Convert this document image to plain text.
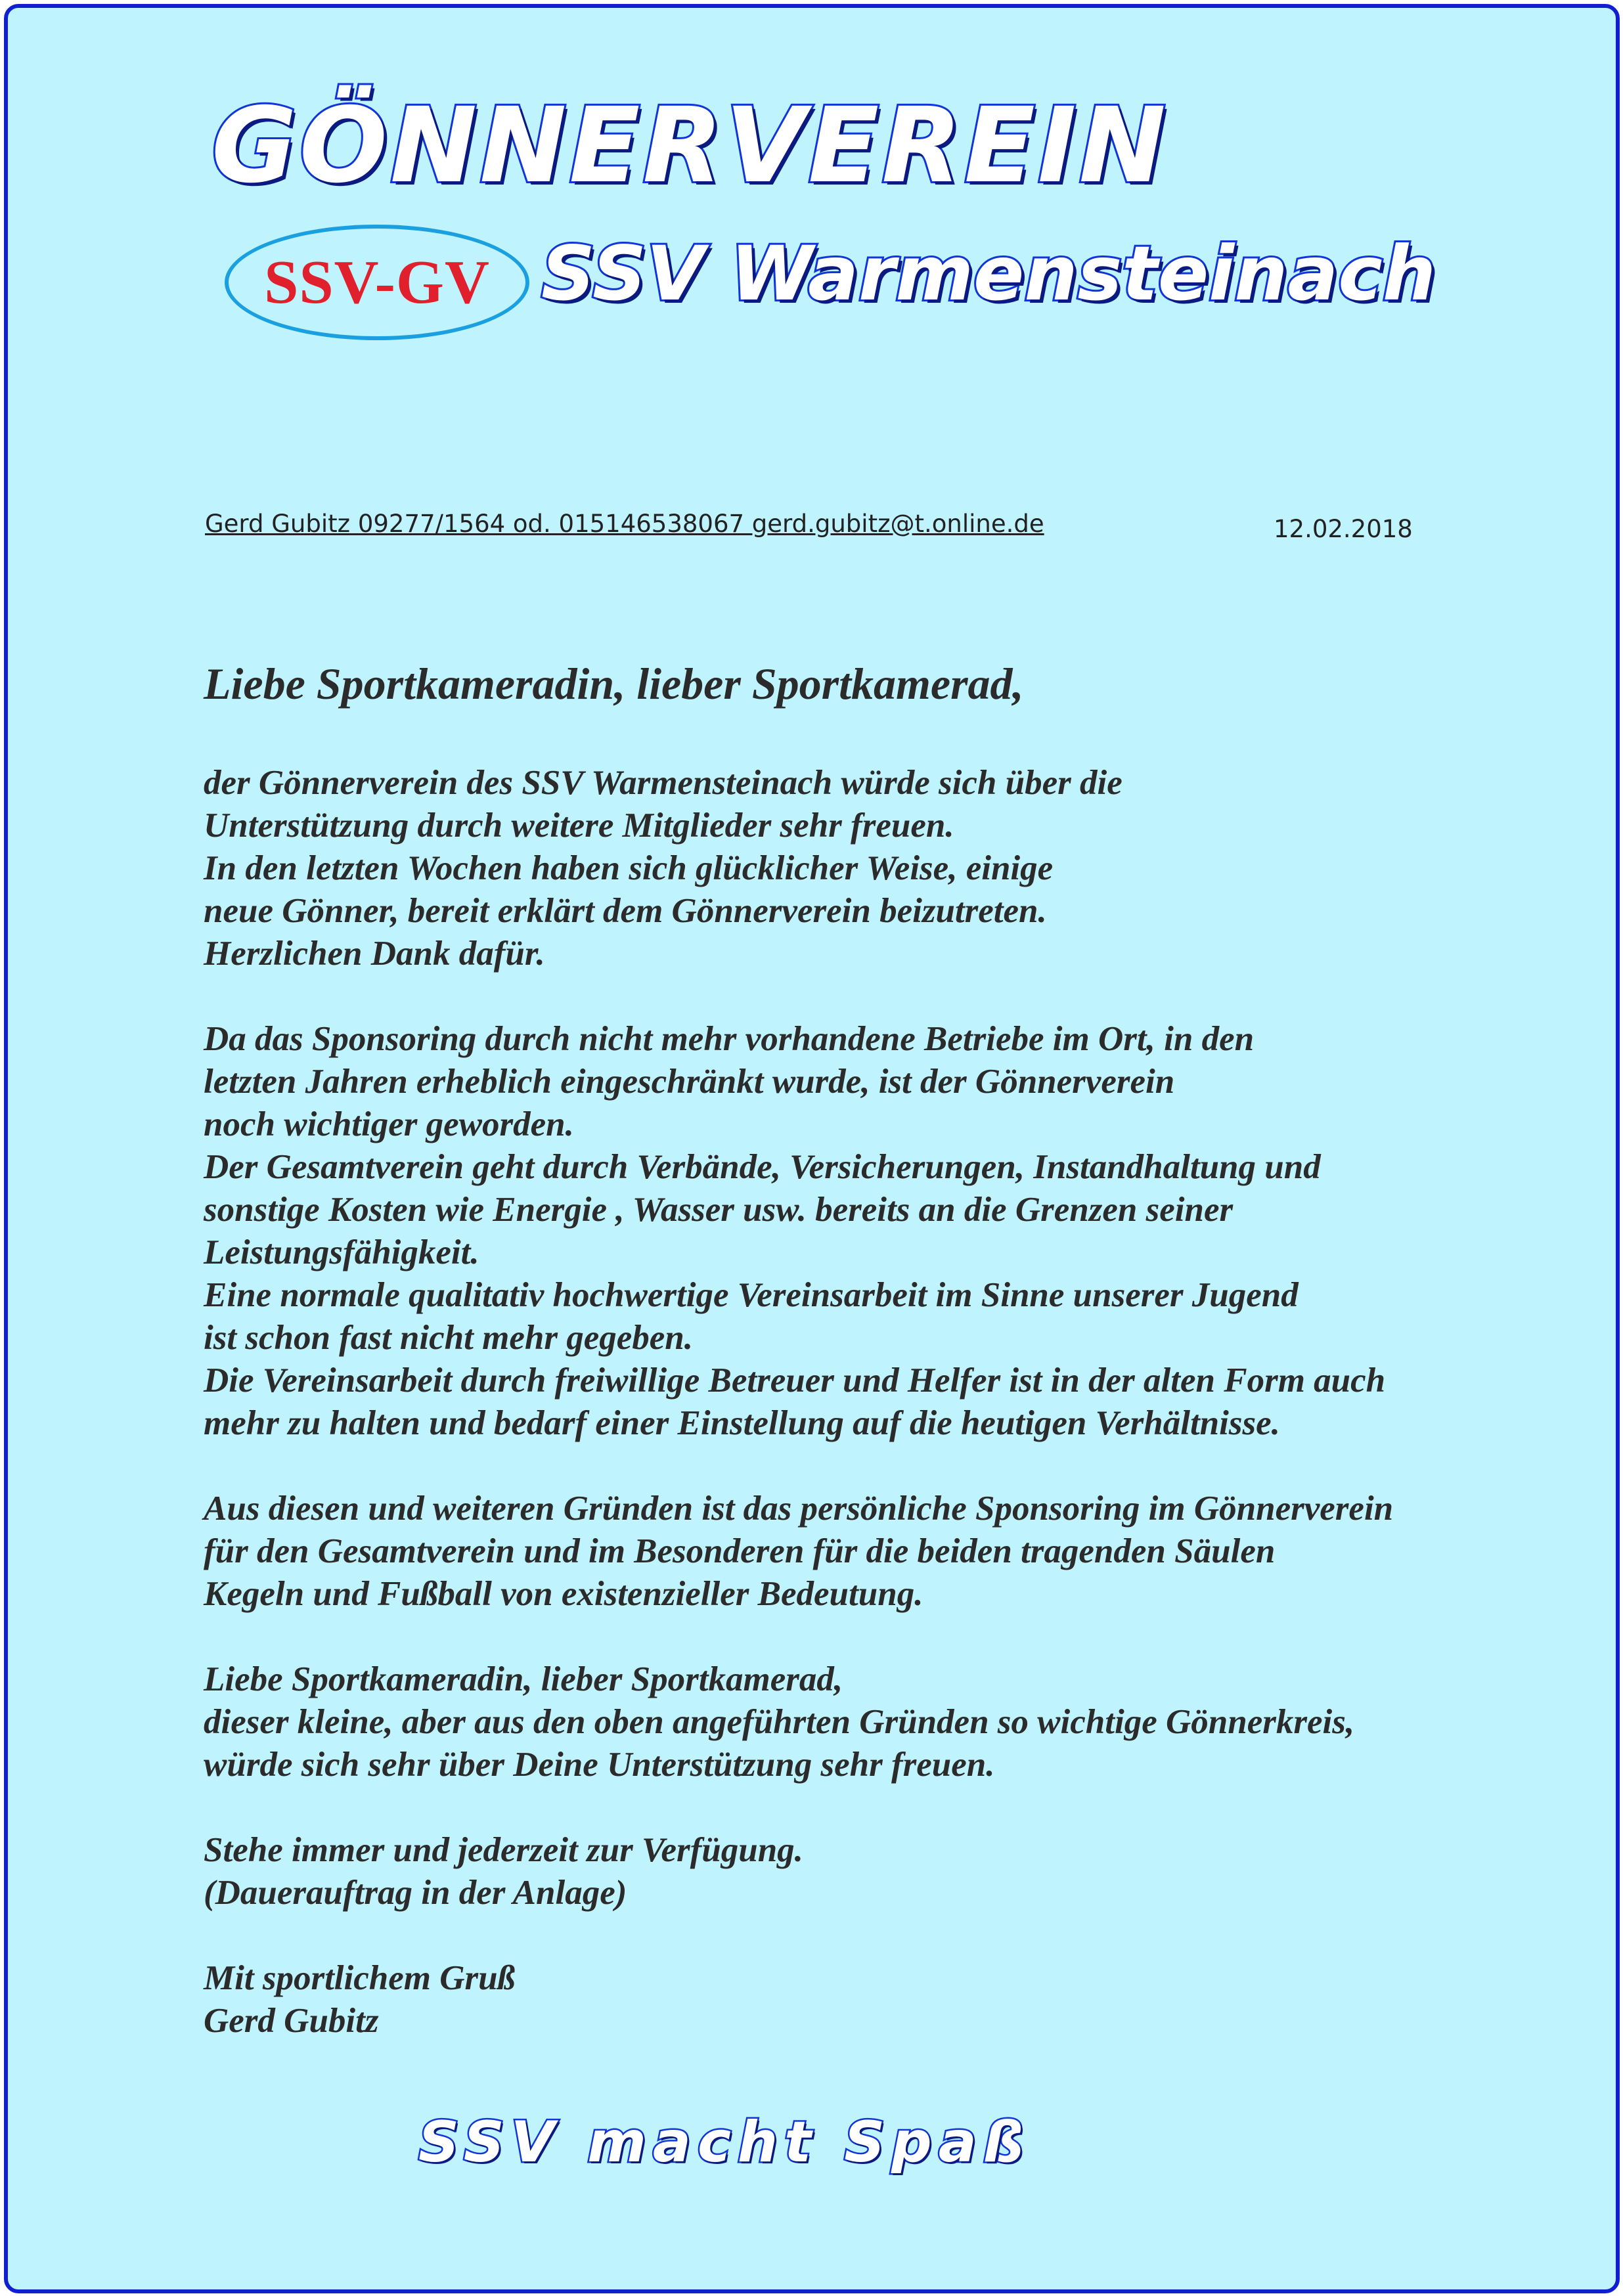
GÖNNERVEREIN
SSV-GV SSV Warmensteinach
Gerd Gubitz 09277/1564 od. 015146538067 gerd.gubitz@t.online.de	12.02.2018
Liebe Sportkameradin, lieber Sportkamerad,
der Gönnerverein des SSV Warmensteinach würde sich über die
Unterstützung durch weitere Mitglieder sehr freuen.
In den letzten Wochen haben sich glücklicher Weise, einige
neue Gönner, bereit erklärt dem Gönnerverein beizutreten.
Herzlichen Dank dafür.
Da das Sponsoring durch nicht mehr vorhandene Betriebe im Ort, in den
letzten Jahren erheblich eingeschränkt wurde, ist der Gönnerverein
noch wichtiger geworden.
Der Gesamtverein geht durch Verbände, Versicherungen, Instandhaltung und
sonstige Kosten wie Energie , Wasser usw. bereits an die Grenzen seiner
Leistungsfähigkeit.
Eine normale qualitativ hochwertige Vereinsarbeit im Sinne unserer Jugend
ist schon fast nicht mehr gegeben.
Die Vereinsarbeit durch freiwillige Betreuer und Helfer ist in der alten Form auch
mehr zu halten und bedarf einer Einstellung auf die heutigen Verhältnisse.
Aus diesen und weiteren Gründen ist das persönliche Sponsoring im Gönnerverein
für den Gesamtverein und im Besonderen für die beiden tragenden Säulen
Kegeln und Fußball von existenzieller Bedeutung.
Liebe Sportkameradin, lieber Sportkamerad,
dieser kleine, aber aus den oben angeführten Gründen so wichtige Gönnerkreis,
würde sich sehr über Deine Unterstützung sehr freuen.
Stehe immer und jederzeit zur Verfügung.
(Dauerauftrag in der Anlage)
Mit sportlichem Gruß
Gerd Gubitz
SSV macht Spaß
